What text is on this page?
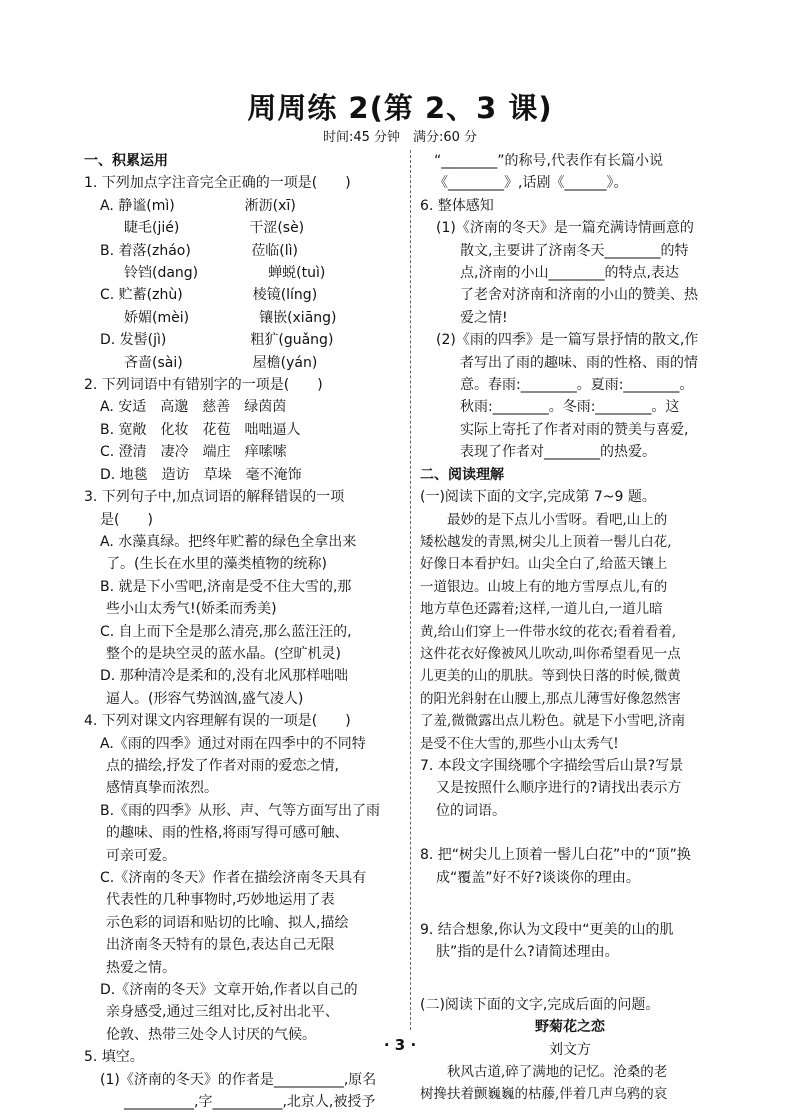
周周练 2(第 2、3 课)
时间:45 分钟　满分:60 分
一、积累运用
1. 下列加点字注音完全正确的一项是(　　)
A. 静谧(mì)　　　　　淅沥(xī)
睫毛(jié)　　　　　干涩(sè)
B. 着落(zháo)　　　　 莅临(lì)
铃铛(dang)　　　　　蝉蜕(tuì)
C. 贮蓄(zhù)　　　　　棱镜(líng)
娇媚(mèi)　　　　　镶嵌(xiāng)
D. 发髻(jì)　　　　　　粗犷(guǎng)
吝啬(sài)　　　　　屋檐(yán)
2. 下列词语中有错别字的一项是(　　)
A. 安适　高邈　慈善　绿茵茵
B. 宽敞　化妆　花苞　咄咄逼人
C. 澄清　凄冷　端庄　痒嗦嗦
D. 地毯　造访　草垛　毫不淹饰
3. 下列句子中,加点词语的解释错误的一项
是(　　)
A. 水藻真绿。把终年贮蓄的绿色全拿出来
了。(生长在水里的藻类植物的统称)
B. 就是下小雪吧,济南是受不住大雪的,那
些小山太秀气!(娇柔而秀美)
C. 自上而下全是那么清亮,那么蓝汪汪的,
整个的是块空灵的蓝水晶。(空旷机灵)
D. 那种清冷是柔和的,没有北风那样咄咄
逼人。(形容气势汹汹,盛气凌人)
4. 下列对课文内容理解有误的一项是(　　)
A.《雨的四季》通过对雨在四季中的不同特
点的描绘,抒发了作者对雨的爱恋之情,
感情真挚而浓烈。
B.《雨的四季》从形、声、气等方面写出了雨
的趣味、雨的性格,将雨写得可感可触、
可亲可爱。
C.《济南的冬天》作者在描绘济南冬天具有
代表性的几种事物时,巧妙地运用了表
示色彩的词语和贴切的比喻、拟人,描绘
出济南冬天特有的景色,表达自己无限
热爱之情。
D.《济南的冬天》文章开始,作者以自己的
亲身感受,通过三组对比,反衬出北平、
伦敦、热带三处令人讨厌的气候。
5. 填空。
(1)《济南的冬天》的作者是__________,原名
__________,字__________,北京人,被授予
“________”的称号,代表作有长篇小说
《________》,话剧《______》。
6. 整体感知
(1)《济南的冬天》是一篇充满诗情画意的
散文,主要讲了济南冬天________的特
点,济南的小山________的特点,表达
了老舍对济南和济南的小山的赞美、热
爱之情!
(2)《雨的四季》是一篇写景抒情的散文,作
者写出了雨的趣味、雨的性格、雨的情
意。春雨:________。夏雨:________。
秋雨:________。冬雨:________。这
实际上寄托了作者对雨的赞美与喜爱,
表现了作者对________的热爱。
二、阅读理解
(一)阅读下面的文字,完成第 7~9 题。
　　最妙的是下点儿小雪呀。看吧,山上的
矮松越发的青黑,树尖儿上顶着一髻儿白花,
好像日本看护妇。山尖全白了,给蓝天镶上
一道银边。山坡上有的地方雪厚点儿,有的
地方草色还露着;这样,一道儿白,一道儿暗
黄,给山们穿上一件带水纹的花衣;看着看着,
这件花衣好像被风儿吹动,叫你希望看见一点
儿更美的山的肌肤。等到快日落的时候,微黄
的阳光斜射在山腰上,那点儿薄雪好像忽然害
了羞,微微露出点儿粉色。就是下小雪吧,济南
是受不住大雪的,那些小山太秀气!
7. 本段文字围绕哪个字描绘雪后山景?写景
又是按照什么顺序进行的?请找出表示方
位的词语。
8. 把“树尖儿上顶着一髻儿白花”中的“顶”换
成“覆盖”好不好?谈谈你的理由。
9. 结合想象,你认为文段中“更美的山的肌
肤”指的是什么?请简述理由。
(二)阅读下面的文字,完成后面的问题。
野菊花之恋
刘文方
　　秋风古道,碎了满地的记忆。沧桑的老
树搀扶着颤巍巍的枯藤,伴着几声乌鸦的哀
· 3 ·
